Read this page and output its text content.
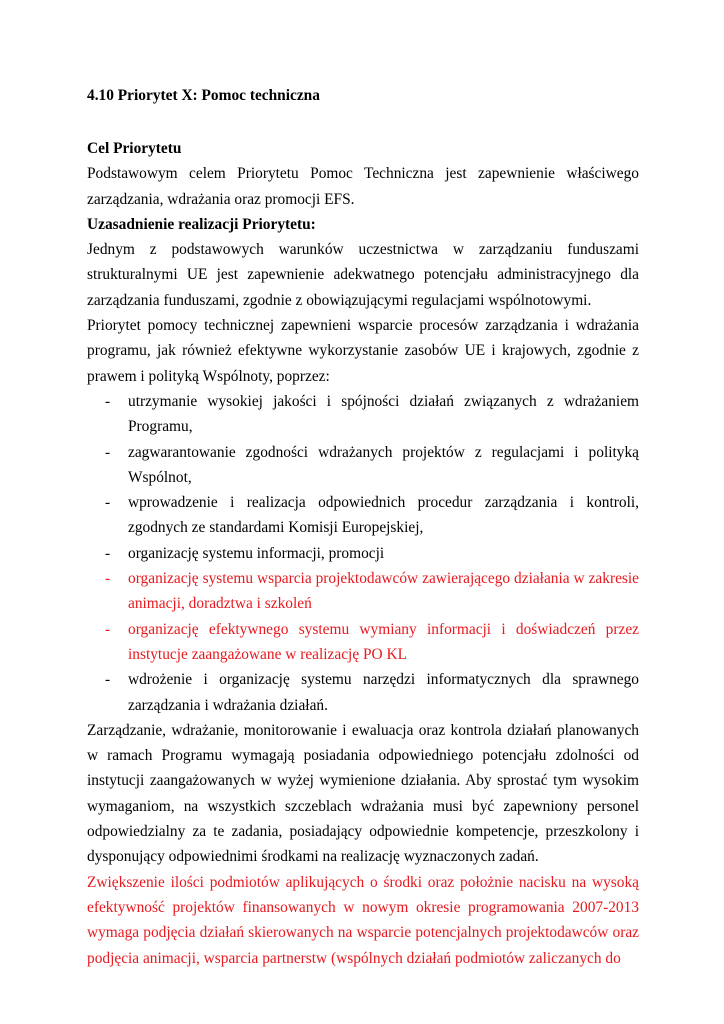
4.10 Priorytet X: Pomoc techniczna

Cel Priorytetu

Podstawowym celem Priorytetu Pomoc Techniczna jest zapewnienie właściwego zarządzania, wdrażania oraz promocji EFS.

Uzasadnienie realizacji Priorytetu:

Jednym z podstawowych warunków uczestnictwa w zarządzaniu funduszami strukturalnymi UE jest zapewnienie adekwatnego potencjału administracyjnego dla zarządzania funduszami, zgodnie z obowiązującymi regulacjami wspólnotowymi.

Priorytet pomocy technicznej zapewnieni wsparcie procesów zarządzania i wdrażania programu, jak również efektywne wykorzystanie zasobów UE i krajowych, zgodnie z prawem i polityką Wspólnoty, poprzez:

- utrzymanie wysokiej jakości i spójności działań związanych z wdrażaniem Programu,
- zagwarantowanie zgodności wdrażanych projektów z regulacjami i polityką Wspólnot,
- wprowadzenie i realizacja odpowiednich procedur zarządzania i kontroli, zgodnych ze standardami Komisji Europejskiej,
- organizację systemu informacji, promocji
- organizację systemu wsparcia projektodawców zawierającego działania w zakresie animacji, doradztwa i szkoleń
- organizację efektywnego systemu wymiany informacji i doświadczeń przez instytucje zaangażowane w realizację PO KL
- wdrożenie i organizację systemu narzędzi informatycznych dla sprawnego zarządzania i wdrażania działań.

Zarządzanie, wdrażanie, monitorowanie i ewaluacja oraz kontrola działań planowanych w ramach Programu wymagają posiadania odpowiedniego potencjału zdolności od instytucji zaangażowanych w wyżej wymienione działania. Aby sprostać tym wysokim wymaganiom, na wszystkich szczeblach wdrażania musi być zapewniony personel odpowiedzialny za te zadania, posiadający odpowiednie kompetencje, przeszkolony i dysponujący odpowiednimi środkami na realizację wyznaczonych zadań.

Zwiększenie ilości podmiotów aplikujących o środki oraz położnie nacisku na wysoką efektywność projektów finansowanych w nowym okresie programowania 2007-2013 wymaga podjęcia działań skierowanych na wsparcie potencjalnych projektodawców oraz podjęcia animacji, wsparcia partnerstw (wspólnych działań podmiotów zaliczanych do
